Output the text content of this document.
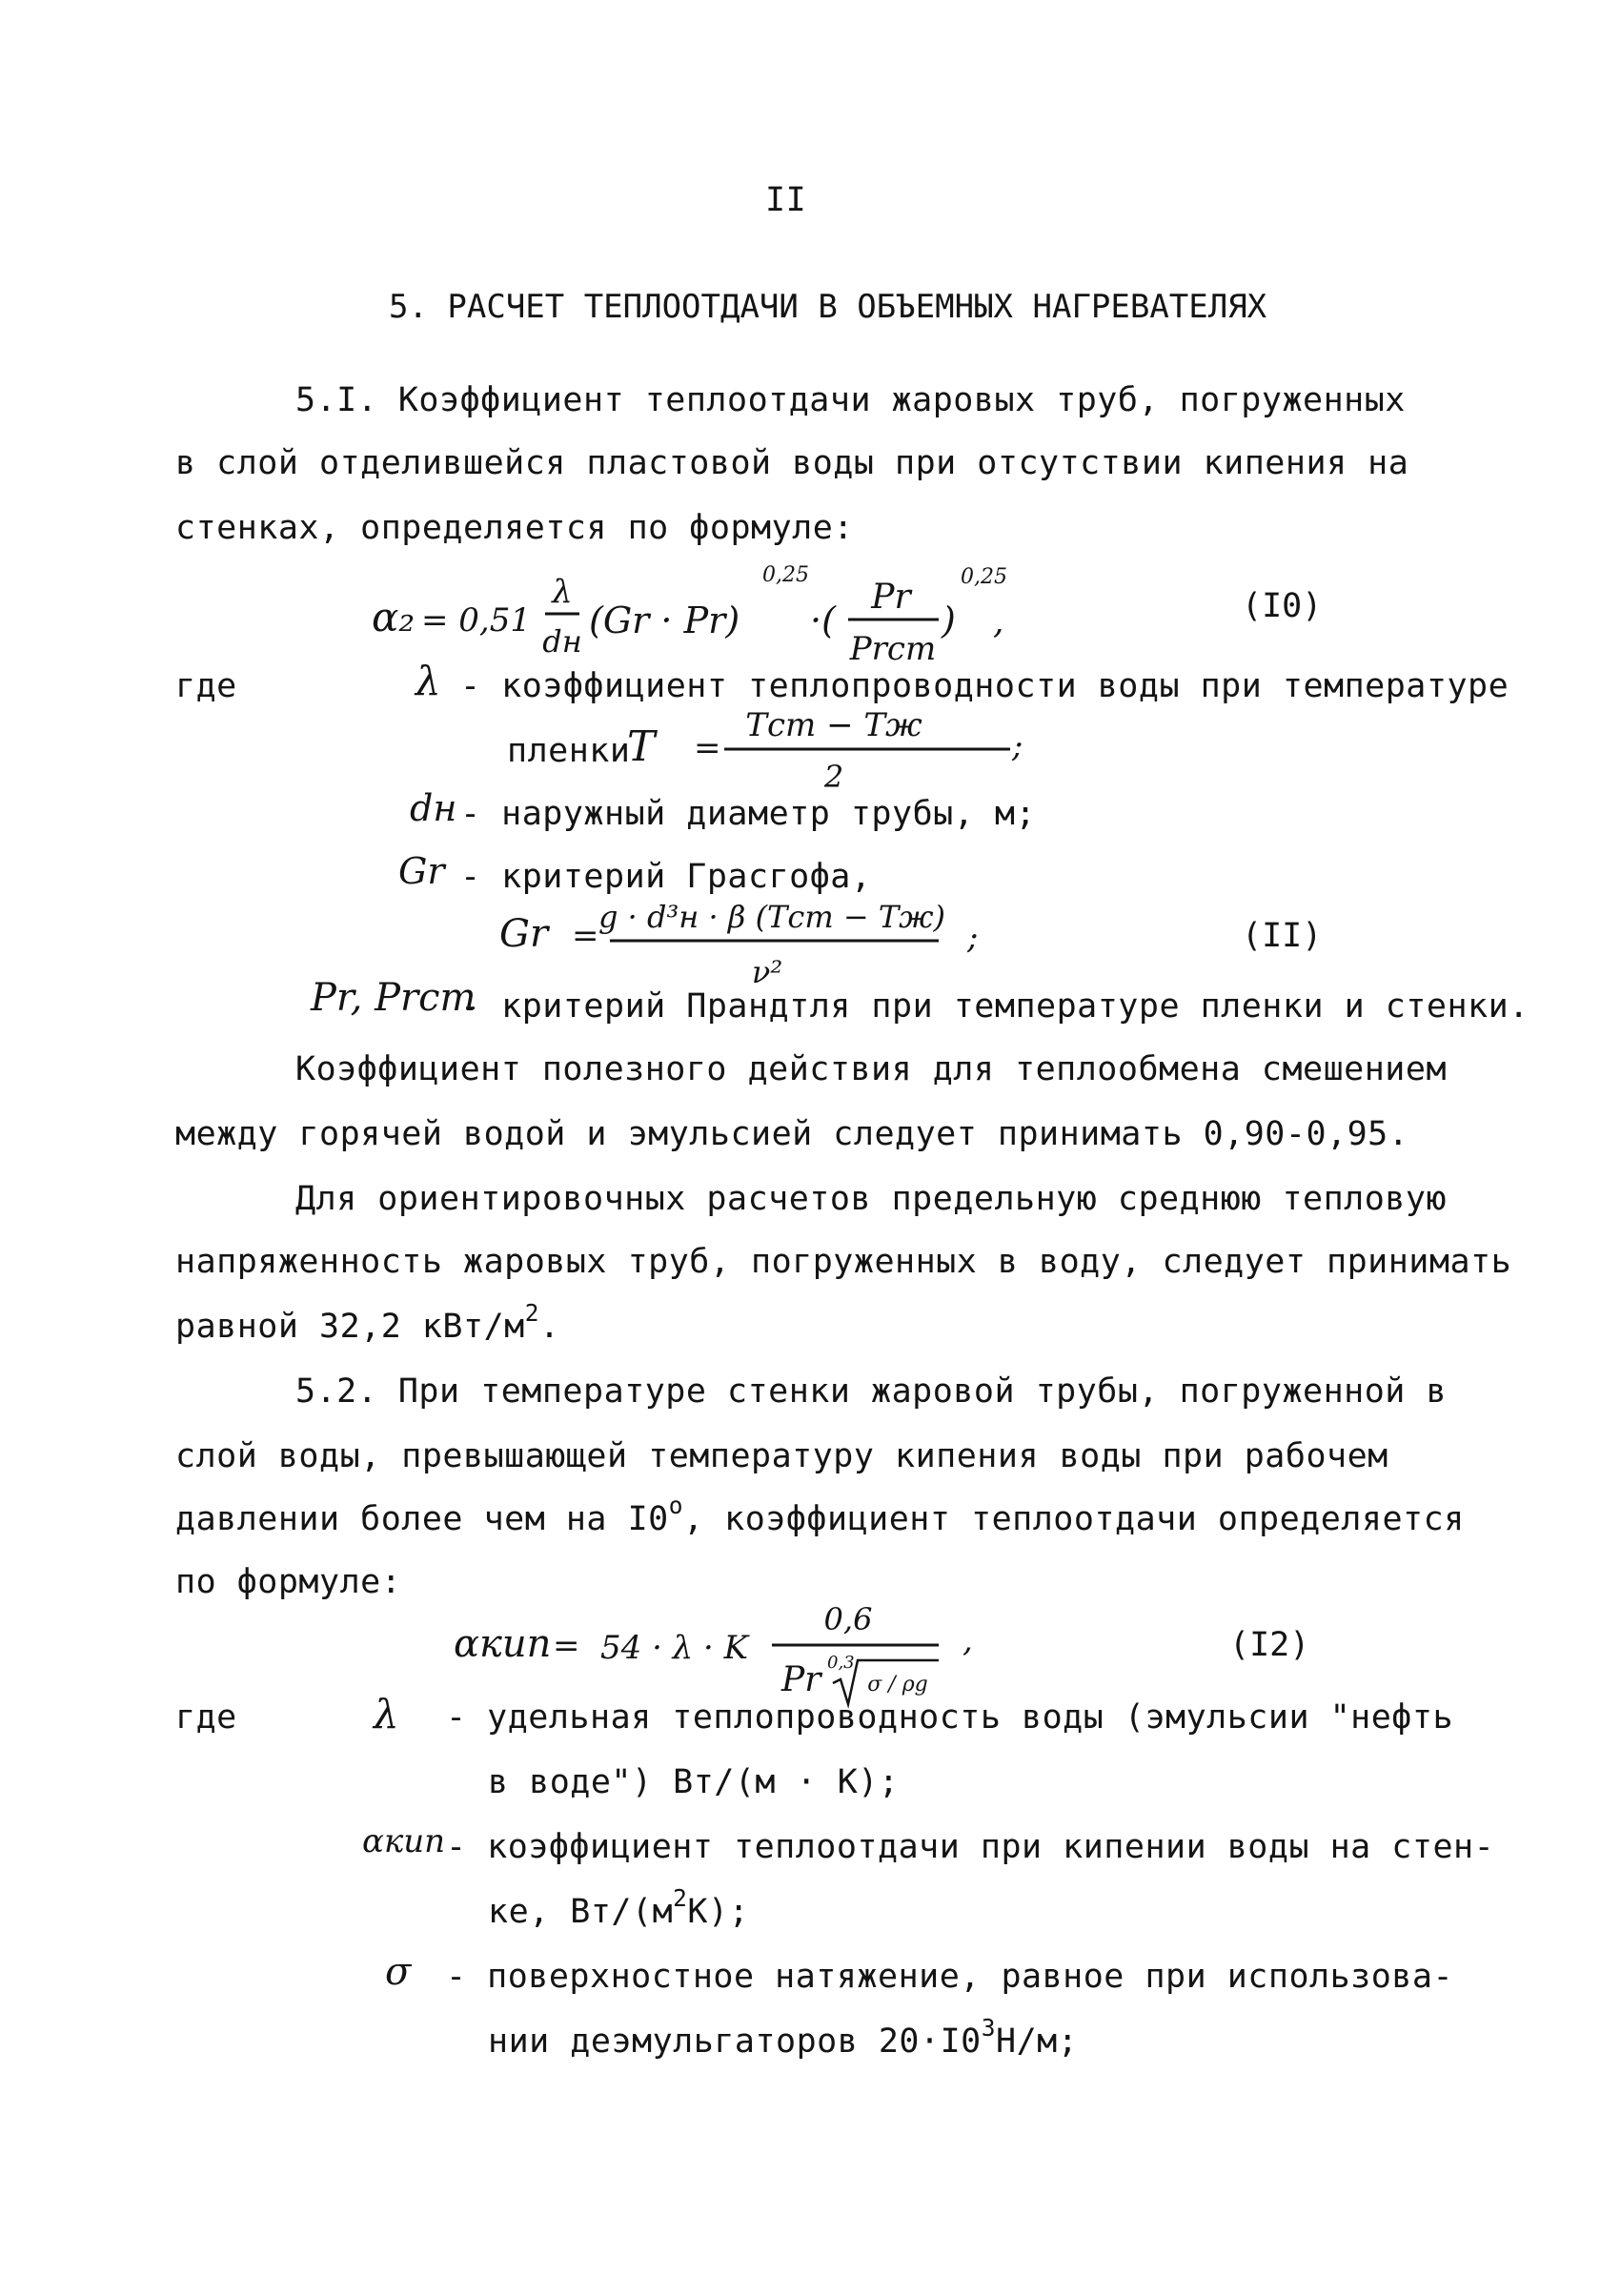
II
5. РАСЧЕТ ТЕПЛООТДАЧИ В ОБЪЕМНЫХ НАГРЕВАТЕЛЯХ
5.I. Коэффициент теплоотдачи жаровых труб, погруженных
в слой отделившейся пластовой воды при отсутствии кипения на
стенках, определяется по формуле:
α₂ = 0,51
λ
dн (Gr · Pr)
0,25
·(
Pr
Prст
)
0,25
,	(I0)
где	λ - коэффициент теплопроводности воды при температуре
пленки
T =
Tст − Tж
2
;
dн - наружный диаметр трубы, м;
Gr - критерий Грасгофа,
Gr = g · d³н · β (Tст − Tж)
ν²
;	(II)
Pr, Prст
- критерий Прандтля при температуре пленки и стенки.
Коэффициент полезного действия для теплообмена смешением
между горячей водой и эмульсией следует принимать 0,90-0,95.
Для ориентировочных расчетов предельную среднюю тепловую
напряженность жаровых труб, погруженных в воду, следует принимать
равной 32,2 кВт/$м^2$.
5.2. При температуре стенки жаровой трубы, погруженной в
слой воды, превышающей температуру кипения воды при рабочем
давлении более чем на $I0^о$, коэффициент теплоотдачи определяется
по формуле:
αкип = 54 · λ · K
0,6
Pr 0,3
σ / ρg
,	(I2)
где	λ - удельная теплопроводность воды (эмульсии "нефть
в воде") Вт/(м · К);
αкип - коэффициент теплоотдачи при кипении воды на стен-
ке, $Вт/(м^2К)$;
σ - поверхностное натяжение, равное при использова-
нии деэмульгаторов $20\cdot I0^3Н/м$;
